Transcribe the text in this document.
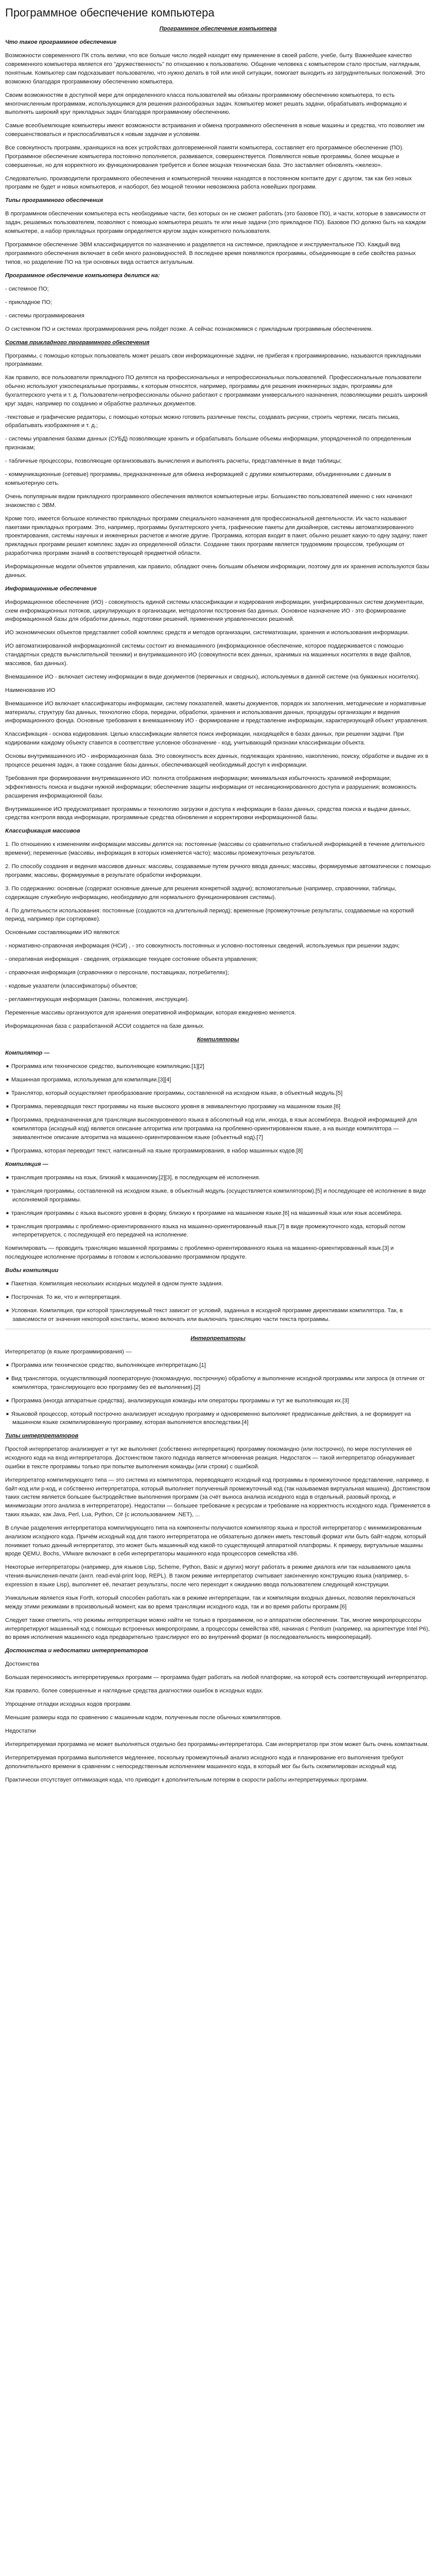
Программное обеспечение компьютера
Программное обеспечение компьютера
Что такое программное обеспечение
Возможности современного ПК столь велики, что все больше число людей находит ему применение в своей работе, учебе, быту. Важнейшее качество современного компьютера является его "дружественность" по отношению к пользователю. Общение человека с компьютером стало простым, наглядным, понятным. Компьютер сам подсказывает пользователю, что нужно делать в той или иной ситуации, помогает выходить из затруднительных положений. Это возможно благодаря программному обеспечению компьютера.
Своим возможностям в доступной мере для определенного класса пользователей мы обязаны программному обеспечению компьютера, то есть многочисленным программам, использующимся для решения разнообразных задач. Компьютер может решать задачи, обрабатывать информацию и выполнять широкий круг прикладных задач благодаря программному обеспечению.
Самые всеобъемлющие компьютеры имеют возможности встраивания и обмена программного обеспечения в новые машины и средства, что позволяет им совершенствоваться и приспосабливаться к новым задачам и условиям.
Все совокупность программ, хранящихся на всех устройствах долговременной памяти компьютера, составляет его программное обеспечение (ПО). Программное обеспечение компьютера постоянно пополняется, развивается, совершенствуется. Появляются новые программы, более мощные и совершенные, но для корректного их функционирования требуется и более мощная техническая база. Это заставляет обновлять «железо».
Следовательно, производители программного обеспечения и компьютерной техники находятся в постоянном контакте друг с другом, так как без новых программ не будет и новых компьютеров, и наоборот, без мощной техники невозможна работа новейших программ.
Типы программного обеспечения
В программном обеспечении компьютера есть необходимые части, без которых он не сможет работать (это базовое ПО), и части, которые в зависимости от задач, решаемых пользователем, позволяют с помощью компьютера решать те или иные задачи (это прикладное ПО). Базовое ПО должно быть на каждом компьютере, а набор прикладных программ определяется кругом задач конкретного пользователя.
Программное обеспечение ЭВМ классифицируется по назначению и разделяется на системное, прикладное и инструментальное ПО. Каждый вид программного обеспечения включает в себя много разновидностей. В последнее время появляются программы, объединяющие в себе свойства разных типов, но разделение ПО на три основных вида остается актуальным.
Программное обеспечение компьютера делится на:
- системное ПО;
- прикладное ПО;
- системы программирования
О системном ПО и системах программирования речь пойдет позже. А сейчас познакомимся с прикладным программным обеспечением.
Состав прикладного программного обеспечения
Программы, с помощью которых пользователь может решать свои информационные задачи, не прибегая к программированию, называются прикладными программами.
Как правило, все пользователи прикладного ПО делятся на профессиональных и непрофессиональных пользователей. Профессиональные пользователи обычно используют узкоспециальные программы, к которым относятся, например, программы для решения инженерных задач, программы для бухгалтерского учета и т. д. Пользователи-непрофессионалы обычно работают с программами универсального назначения, позволяющими решать широкий круг задач, например по созданию и обработке различных документов.
-текстовые и графические редакторы, с помощью которых можно готовить различные тексты, создавать рисунки, строить чертежи, писать письма, обрабатывать изображения и т. д.;
- системы управления базами данных (СУБД) позволяющие хранить и обрабатывать большие объемы информации, упорядоченной по определенным признакам;
- табличные процессоры, позволяющие организовывать вычисления и выполнять расчеты, представленные в виде таблицы;
- коммуникационные (сетевые) программы, предназначенные для обмена информацией с другими компьютерами, объединенными с данным в компьютерную сеть.
Очень популярным видом прикладного программного обеспечения являются компьютерные игры. Большинство пользователей именно с них начинают знакомство с ЭВМ.
Кроме того, имеется большое количество прикладных программ специального назначения для профессиональной деятельности. Их часто называют пакетами прикладных программ. Это, например, программы бухгалтерского учета, графические пакеты для дизайнеров, системы автоматизированного проектирования, системы научных и инженерных расчетов и многие другие. Программа, которая входит в пакет, обычно решает какую-то одну задачу; пакет прикладных программ решает комплекс задач из определенной области. Создание таких программ является трудоемким процессом, требующим от разработчика программ знаний в соответствующей предметной области.
Информационные модели объектов управления, как правило, обладают очень большим объемом информации, поэтому для их хранения используются базы данных.
Информационные обеспечение
Информационное обеспечение (ИО) - совокупность единой системы классификации и кодирования информации, унифицированных систем документации, схем информационных потоков, циркулирующих в организации, методологии построения баз данных. Основное назначение ИО - это формирование информационной базы для обработки данных, подготовки решений, применения управленческих решений.
ИО экономических объектов представляет собой комплекс средств и методов организации, систематизации, хранения и использования информации.
ИО автоматизированной информационной системы состоит из внемашинного (информационное обеспечение, которое поддерживается с помощью стандартных средств вычислительной техники) и внутримашинного ИО (совокупности всех данных, хранимых на машинных носителях в виде файлов, массивов, баз данных).
Внемашинное ИО - включает систему информации в виде документов (первичных и сводных), используемых в данной системе (на бумажных носителях).
Наименование ИО
Внемашинное ИО включает классификаторы информации, систему показателей, макеты документов, порядок их заполнения, методические и нормативные материалы, структуру баз данных, технологию сбора, передачи, обработки, хранения и использования данных, процедуры организации и ведения информационного фонда. Основные требования к внемашинному ИО - формирование и представление информации, характеризующей объект управления.
Классификация - основа кодирования. Целью классификации является поиск информации, находящейся в базах данных, при решении задачи. При кодировании каждому объекту ставится в соответствие условное обозначение - код, учитывающий признаки классификации объекта.
Основы внутримашинного ИО - информационная база. Это совокупность всех данных, подлежащих хранению, накоплению, поиску, обработке и выдаче их в процессе решения задач, а также создание базы данных, обеспечивающей необходимый доступ к информации.
Требования при формировании внутримашинного ИО: полнота отображения информации; минимальная избыточность хранимой информации; эффективность поиска и выдачи нужной информации; обеспечение защиты информации от несанкционированного доступа и разрушения; возможность расширения информационной базы.
Внутримашинное ИО предусматривает программы и технологию загрузки и доступа к информации в базах данных, средства поиска и выдачи данных, средства контроля ввода информации, программные средства обновления и корректировки информационной базы.
Классификация массивов
1. По отношению к изменениям информации массивы делятся на: постоянные (массивы со сравнительно стабильной информацией в течение длительного времени); переменные (массивы, информация в которых изменяется часто); массивы промежуточных результатов.
2. По способу создания и ведения массивов данных: массивы, создаваемые путем ручного ввода данных; массивы, формируемые автоматически с помощью программ; массивы, формируемые в результате обработки информации.
3. По содержанию: основные (содержат основные данные для решения конкретной задачи); вспомогательные (например, справочники, таблицы, содержащие служебную информацию, необходимую для нормального функционирования системы).
4. По длительности использования: постоянные (создаются на длительный период); временные (промежуточные результаты, создаваемые на короткий период, например при сортировке).
Основными составляющими ИО являются:
- нормативно-справочная информация (НСИ) , - это совокупность постоянных и условно-постоянных сведений, используемых при решении задач;
- оперативная информация - сведения, отражающие текущее состояние объекта управления;
- справочная информация (справочники о персонале, поставщиках, потребителях);
- кодовые указатели (классификаторы) объектов;
- регламентирующая информация (законы, положения, инструкции).
Переменные массивы организуются для хранения оперативной информации, которая ежедневно меняется.
Информационная база с разработанной АСОИ создается на базе данных.
Компиляторы
Компилятор —
■ Программа или техническое средство, выполняющее компиляцию.[1][2]
■ Машинная программа, используемая для компиляции.[3][4]
■ Транслятор, который осуществляет преобразование программы, составленной на исходном языке, в объектный модуль.[5]
■ Программа, переводящая текст программы на языке высокого уровня в эквивалентную программу на машинном языке.[6]
■ Программа, предназначенная для трансляции высокоуровневого языка в абсолютный код или, иногда, в язык ассемблера. Входной информацией для компилятора (исходный код) является описание алгоритма или программа на проблемно-ориентированном языке, а на выходе компилятора — эквивалентное описание алгоритма на машинно-ориентированном языке (объектный код).[7]
■ Программа, которая переводит текст, написанный на языке программирования, в набор машинных кодов.[8]
Компиляция —
■ трансляция программы на язык, близкий к машинному.[2][3], в последующем её исполнения.
■ трансляция программы, составленной на исходном языке, в объектный модуль (осуществляется компилятором).[5] и последующее её исполнение в виде исполняемой программы.
■ трансляция программы с языка высокого уровня в форму, близкую к программе на машинном языке.[6] на машинный язык или язык ассемблера.
■ трансляция программы с проблемно-ориентированного языка на машинно-ориентированный язык.[7] в виде промежуточного кода, который потом интерпретируется, с последующей его передачей на исполнение.
Компилировать — проводить трансляцию машинной программы с проблемно-ориентированного языка на машинно-ориентированный язык.[3] и последующее исполнение программы в готовом к использованию программном продукте.
Виды компиляции
■ Пакетная. Компиляция нескольких исходных модулей в одном пункте задания.
■ Построчная. То же, что и интерпретация.
■ Условная. Компиляция, при которой транслируемый текст зависит от условий, заданных в исходной программе директивами компилятора. Так, в зависимости от значения некоторой константы, можно включать или выключать трансляцию части текста программы.
Интерпретаторы
Интерпретатор (в языке программирования) —
■ Программа или техническое средство, выполняющее интерпретацию.[1]
■ Вид транслятора, осуществляющий пооператорную (покомандную, построчную) обработку и выполнение исходной программы или запроса (в отличие от компилятора, транслирующего всю программу без её выполнения).[2]
■ Программа (иногда аппаратные средства), анализирующая команды или операторы программы и тут же выполняющая их.[3]
■ Языковой процессор, который построчно анализирует исходную программу и одновременно выполняет предписанные действия, а не формирует на машинном языке скомпилированную программу, которая выполняется впоследствии.[4]
Типы интерпретаторов
Простой интерпретатор анализирует и тут же выполняет (собственно интерпретация) программу покомандно (или построчно), по мере поступления её исходного кода на вход интерпретатора. Достоинством такого подхода является мгновенная реакция. Недостаток — такой интерпретатор обнаруживает ошибки в тексте программы только при попытке выполнения команды (или строки) с ошибкой.
Интерпретатор компилирующего типа — это система из компилятора, переводящего исходный код программы в промежуточное представление, например, в байт-код или p-код, и собственно интерпретатора, который выполняет полученный промежуточный код (так называемая виртуальная машина). Достоинством таких систем является большее быстродействие выполнения программ (за счёт выноса анализа исходного кода в отдельный, разовый проход, и минимизации этого анализа в интерпретаторе). Недостатки — большее требование к ресурсам и требование на корректность исходного кода. Применяется в таких языках, как Java, Perl, Lua, Python, C# (с использованием .NET), ...
В случае разделения интерпретатора компилирующего типа на компоненты получаются компилятор языка и простой интерпретатор с минимизированным анализом исходного кода. Причём исходный код для такого интерпретатора не обязательно должен иметь текстовый формат или быть байт-кодом, который понимает только данный интерпретатор, это может быть машинный код какой-то существующей аппаратной платформы. К примеру, виртуальные машины вроде QEMU, Bochs, VMware включают в себя интерпретаторы машинного кода процессоров семейства x86.
Некоторые интерпретаторы (например, для языков Lisp, Scheme, Python, Basic и других) могут работать в режиме диалога или так называемого цикла чтения-вычисления-печати (англ. read-eval-print loop, REPL). В таком режиме интерпретатор считывает законченную конструкцию языка (например, s-expression в языке Lisp), выполняет её, печатает результаты, после чего переходит к ожиданию ввода пользователем следующей конструкции.
Уникальным является язык Forth, который способен работать как в режиме интерпретации, так и компиляции входных данных, позволяя переключаться между этими режимами в произвольный момент, как во время трансляции исходного кода, так и во время работы программ.[6]
Следует также отметить, что режимы интерпретации можно найти не только в программном, но и аппаратном обеспечении. Так, многие микропроцессоры интерпретируют машинный код с помощью встроенных микропрограмм, а процессоры семейства x86, начиная с Pentium (например, на архитектуре Intel P6), во время исполнения машинного кода предварительно транслируют его во внутренний формат (в последовательность микроопераций).
Достоинства и недостатки интерпретаторов
Достоинства
Большая переносимость интерпретируемых программ — программа будет работать на любой платформе, на которой есть соответствующий интерпретатор.
Как правило, более совершенные и наглядные средства диагностики ошибок в исходных кодах.
Упрощение отладки исходных кодов программ.
Меньшие размеры кода по сравнению с машинным кодом, полученным после обычных компиляторов.
Недостатки
Интерпретируемая программа не может выполняться отдельно без программы-интерпретатора. Сам интерпретатор при этом может быть очень компактным.
Интерпретируемая программа выполняется медленнее, поскольку промежуточный анализ исходного кода и планирование его выполнения требуют дополнительного времени в сравнении с непосредственным исполнением машинного кода, в который мог бы быть скомпилирован исходный код.
Практически отсутствует оптимизация кода, что приводит к дополнительным потерям в скорости работы интерпретируемых программ.
